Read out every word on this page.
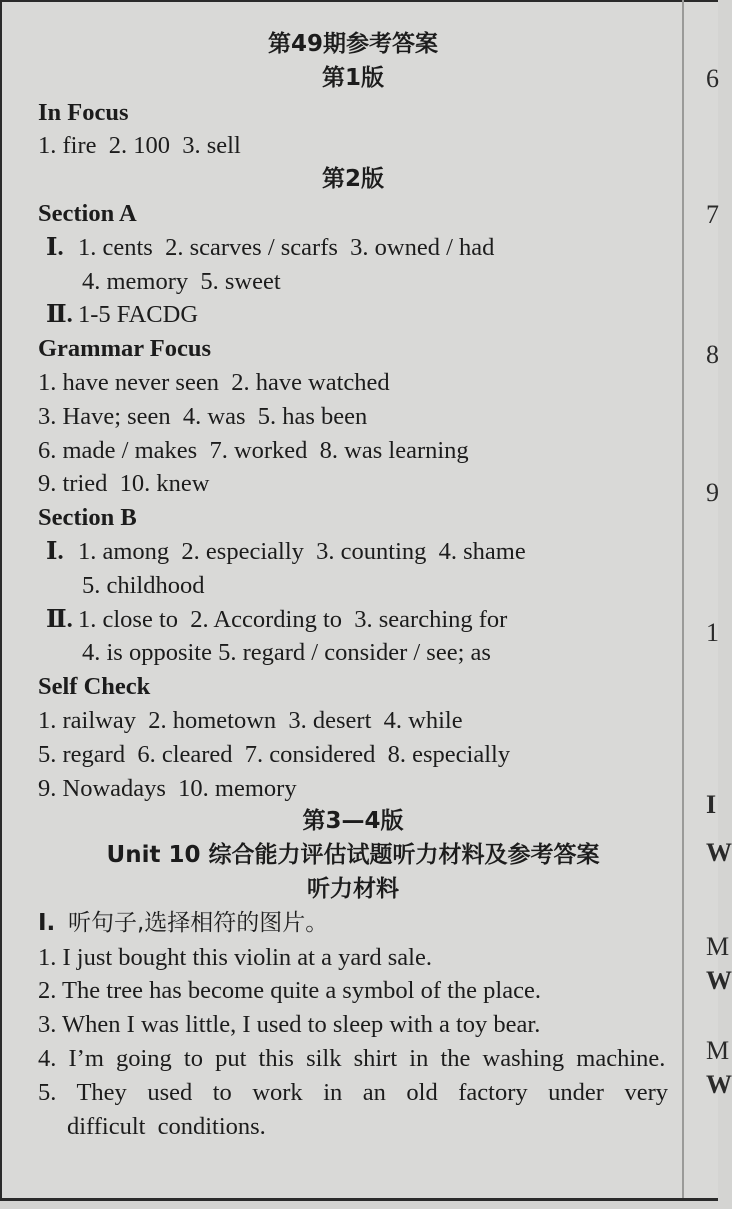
第49期参考答案

第1版

In Focus

1. fire  2. 100  3. sell

第2版

Section A

Ⅰ. 1. cents  2. scarves / scarfs  3. owned / had

4. memory  5. sweet

Ⅱ. 1-5 FACDG

Grammar Focus

1. have never seen  2. have watched

3. Have; seen  4. was  5. has been

6. made / makes  7. worked  8. was learning

9. tried  10. knew

Section B

Ⅰ. 1. among  2. especially  3. counting  4. shame

5. childhood

Ⅱ. 1. close to  2. According to  3. searching for

4. is opposite 5. regard / consider / see; as

Self Check

1. railway  2. hometown  3. desert  4. while

5. regard  6. cleared  7. considered  8. especially

9. Nowadays  10. memory

第3—4版

Unit 10 综合能力评估试题听力材料及参考答案

听力材料

Ⅰ. 听句子,选择相符的图片。

1. I just bought this violin at a yard sale.

2. The tree has become quite a symbol of the place.

3. When I was little, I used to sleep with a toy bear.

4. I’m going to put this silk shirt in the washing machine.

5. They used to work in an old factory under very difficult conditions.

6
7
8
9
1
I
W
M
W
M
W
